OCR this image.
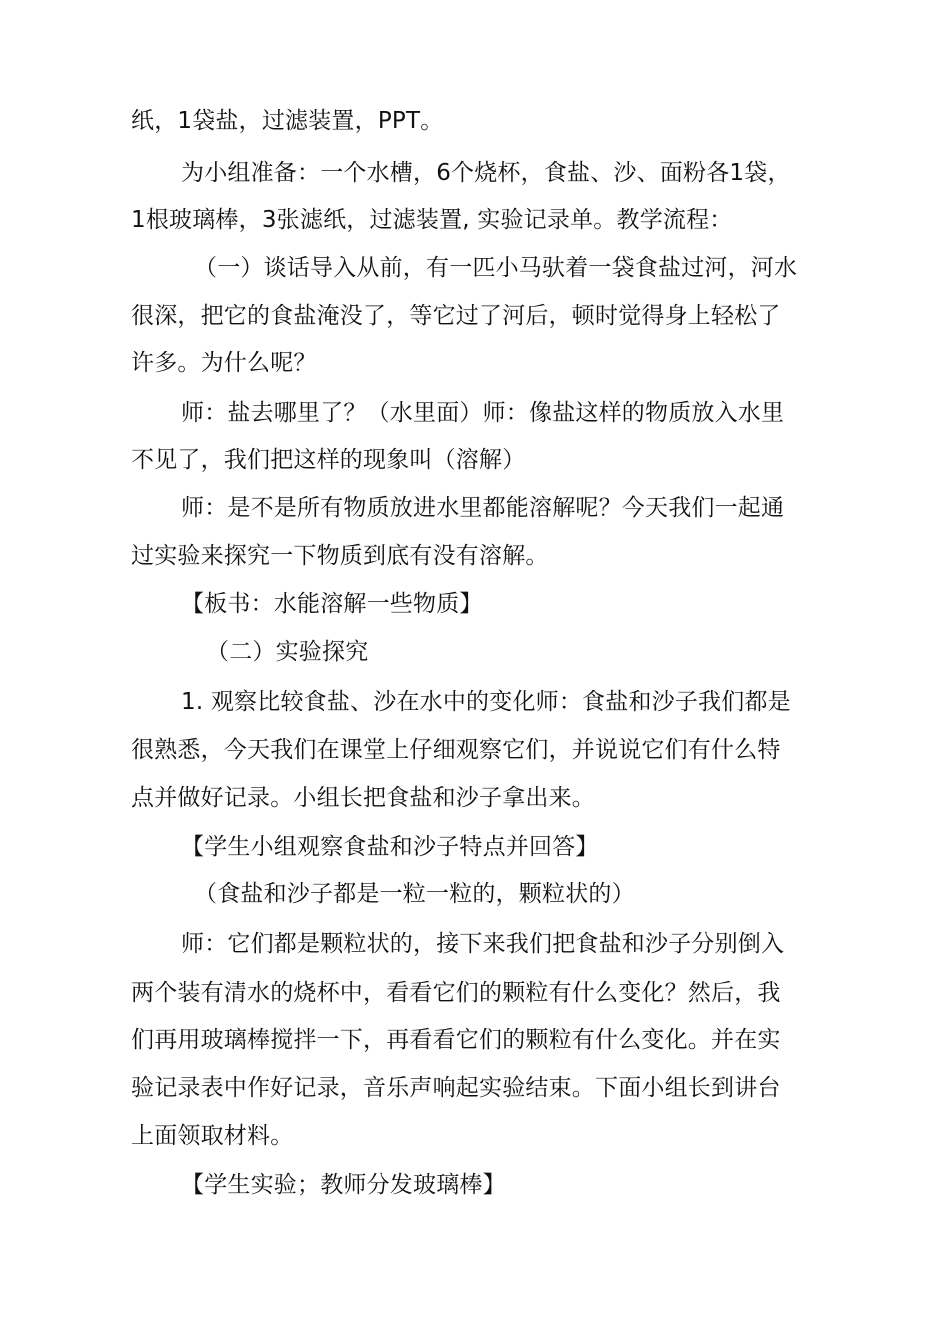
纸，1袋盐，过滤装置，PPT。

为小组准备：一个水槽，6个烧杯，食盐、沙、面粉各1袋，

1根玻璃棒，3张滤纸，过滤装置, 实验记录单。教学流程：

（一）谈话导入从前，有一匹小马驮着一袋食盐过河，河水

很深，把它的食盐淹没了，等它过了河后，顿时觉得身上轻松了

许多。为什么呢？

师：盐去哪里了？（水里面）师：像盐这样的物质放入水里

不见了，我们把这样的现象叫（溶解）

师：是不是所有物质放进水里都能溶解呢？今天我们一起通

过实验来探究一下物质到底有没有溶解。

【板书：水能溶解一些物质】

（二）实验探究

1. 观察比较食盐、沙在水中的变化师：食盐和沙子我们都是

很熟悉，今天我们在课堂上仔细观察它们，并说说它们有什么特

点并做好记录。小组长把食盐和沙子拿出来。

【学生小组观察食盐和沙子特点并回答】

（食盐和沙子都是一粒一粒的，颗粒状的）

师：它们都是颗粒状的，接下来我们把食盐和沙子分别倒入

两个装有清水的烧杯中，看看它们的颗粒有什么变化？然后，我

们再用玻璃棒搅拌一下，再看看它们的颗粒有什么变化。并在实

验记录表中作好记录，音乐声响起实验结束。下面小组长到讲台

上面领取材料。

【学生实验；教师分发玻璃棒】
